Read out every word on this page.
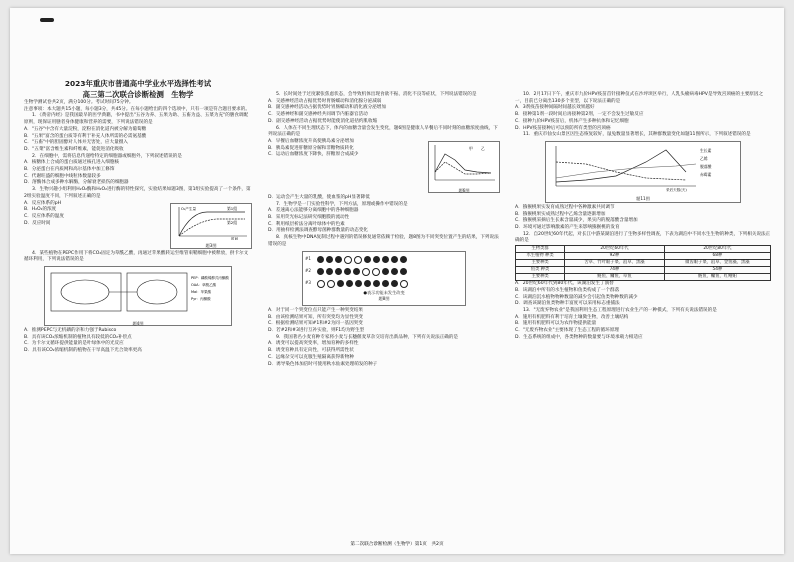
2023年重庆市普通高中学业水平选择性考试
高三第二次联合诊断检测　生物学

生物学测试卷共2页，满分100分。考试时间75分钟。

注意事项：本大题共15小题，每小题3分，共45分。在每小题给出的四个选项中，只有一项是符合题目要求的。

1．《黄帝内经》是我国最早的医学典籍，书中提出"五谷为养、五果为助、五畜为益、五菜为充"的膳食调配原则，现保证用膳者身体健康和营养的需要，下列说法错误的是

A．"五谷"中含有大量淀粉，淀粉在消化道内被分解为葡萄糖

B．"五果"富含的蛋白质等有利于补充人体所需的必需氨基酸

C．"五畜"中的胆固醇对人体并无害处，应大量摄入

D．"五菜"富含维生素和纤维素，能促进消化吸收

2．在细胞中，需将信息传递给特定的细胞器或细胞外，下列叙述错误的是

A．核糖体上合成的蛋白质通过核孔进入细胞核

B．分泌蛋白在内质网和高尔基体中加工修饰

C．代谢旺盛的细胞中线粒体数量较多

D．溶酶体合成多种水解酶，分解衰老损伤的细胞器

3．生物兴趣小组利用H₂O₂酶和H₂O₂进行酶的特性探究，实验结果如题3图，第1组实验提高了一个条件，第2组实验温度不同，下列叙述正确的是

A．反应体系的pH

B．H₂O₂的浓度

C．反应体系的温度

D．反应时间

第1组
第2组
时间
O₂产生量
题3图

4．某些植物在PEPC作用下将CO₂固定为草酰乙酸，再通过苹果酸转运至维管束鞘细胞中被释放，供卡尔文循环利用，下列说法错误的是

PEP：磷酸烯醇式丙酮酸
OAA：草酰乙酸
Mal：苹果酸
Pyr：丙酮酸
题4图

A．推测PEPC与无机磷的亲和力强于Rubisco

B．具有该CO₂浓缩机制的植物具有较低的CO₂补偿点

C．为卡尔文循环提供能量的是叶绿体中的光反应

D．具有该CO₂浓缩机制的植物在干旱高温下光合效率更高

5．长时间处于过度紧张焦虑状态，会导致机体出现食欲不振、消化不良等症状，下列说法错误的是

A．交感神经活动占据优势时胃肠蠕动和消化腺分泌减弱

B．副交感神经活动占据优势时胃肠蠕动和消化液分泌增加

C．交感神经和副交感神经共同调节内脏器官活动

D．副交感神经活动占据优势时能使消化道括约肌收缩

6．人体在不同生理状态下，体内的血糖含量会发生变化，题6图是健康人早餐后不同时刻的血糖浓度曲线，下列说法正确的是

A．早餐后血糖浓度升高使胰岛素分泌增加

B．胰岛素促进肝糖原分解和非糖物质转化

C．运动后血糖浓度下降快，肝糖原合成减少

甲 乙
题6图

D．运动会产生大量的乳酸，使血浆的pH显著降低

7．生物学是一门实验性科学，下列方法，原理或操作中错误的是

A．差速离心法能够分离细胞中的各种细胞器

B．采用荧光标记法研究细胞膜的流动性

C．利用纸层析法分离叶绿体中的色素

D．用抽样检测法调查酵母菌种群数量的动态变化

8．真核生物中DNA复制过程中遇到的错误修复通常依赖于检验，题8图为不同突变位置产生的结果，下列说法错误的是

#1
#2
#3
●表示功能未发生改变
题8图

A．对于同一个突变位点只能产生一种突变结果

B．由该检测结果可知，所有突变均为显性突变

C．根据检测结果可知#1和#2为同一基因突变

D．若#2和#3进行互补实验，则F1均为野生型

9．我国著名小麦育种专家将小麦与长穗偃麦草杂交培育出新品种，下列有关说法正确的是

A．诱变可以提高突变率，增加育种的多样性

B．诱变育种具有定向性，可获得所需性状

C．远缘杂交可以克服生殖隔离获得新物种

D．诱导染色体加倍时可使用秋水仙素处理萌发的种子

10．2月17日下午，重庆市九价HPV疫苗首针接种仪式在沙坪坝区举行，人乳头瘤病毒HPV是导致宫颈癌的主要原因之一，目前已分离出130多个亚型，以下说法正确的是

A．3剂疫苗接种间隔时间越长效果越好

B．接种第1剂一段时间后再接种第2剂，一定不会发生过敏反应

C．接种九价HPV疫苗后，机体产生多种抗体和记忆细胞

D．HPV疫苗接种后可以预防所有类型的宫颈癌

11．重庆市仙女山景区因生态恢复较好，鼠兔数量显著增长，其种群数量变化如题11图所示，下列叙述错误的是

生长素
乙烯
脱落酸
赤霉素
采后天数(天)
题11图

A．猕猴桃果实发育成熟过程中各种激素共同调节

B．猕猴桃果实成熟过程中乙烯含量逐渐增加

C．猕猴桃采摘后生长素含量减少，果实内的脱落酸含量增加

D．环境可通过影响激素的产生来影响猕猴桃的发育

12．自20世纪60年代起，对长江中游某湖泊进行了生物多样性调查，下表为湖泊中不同水生生物的种类，下列相关说法正确的是

生物类群	20世纪60年代	20世纪80年代
水生植物 种类	92种	68种
主要种类	苦草、竹叶眼子菜、菹草、黑藻	微齿眼子菜、菹草、金鱼藻、黑藻
鱼类 种类	74种	54种
主要种类	鲢鱼、鳙鱼、草鱼	鲢鱼、鳙鱼、红鳍鲌

A．20世纪60年代到80年代，该湖泊发生了演替

B．该湖泊中所有的水生植物和鱼类构成了一个群落

C．该湖泊沉水植物物种数量的减少会引起鱼类物种数的减少

D．调查该湖泊鱼类物种丰富度可以采用标志重捕法

13．"无废弃物农业"是我国利用生态工程原理进行农业生产的一种模式，下列有关说法错误的是

A．施用有机肥料有利于培育土壤微生物，改善土壤结构

B．施用有机肥料可以为农作物提供能量

C．"无废弃物农业"主要体现了生态工程的循环原理

D．生态系统的组成中，各类物种的数量要与环境承载力相适应

第二次联合诊断检测（生物学）第1页　共2页
